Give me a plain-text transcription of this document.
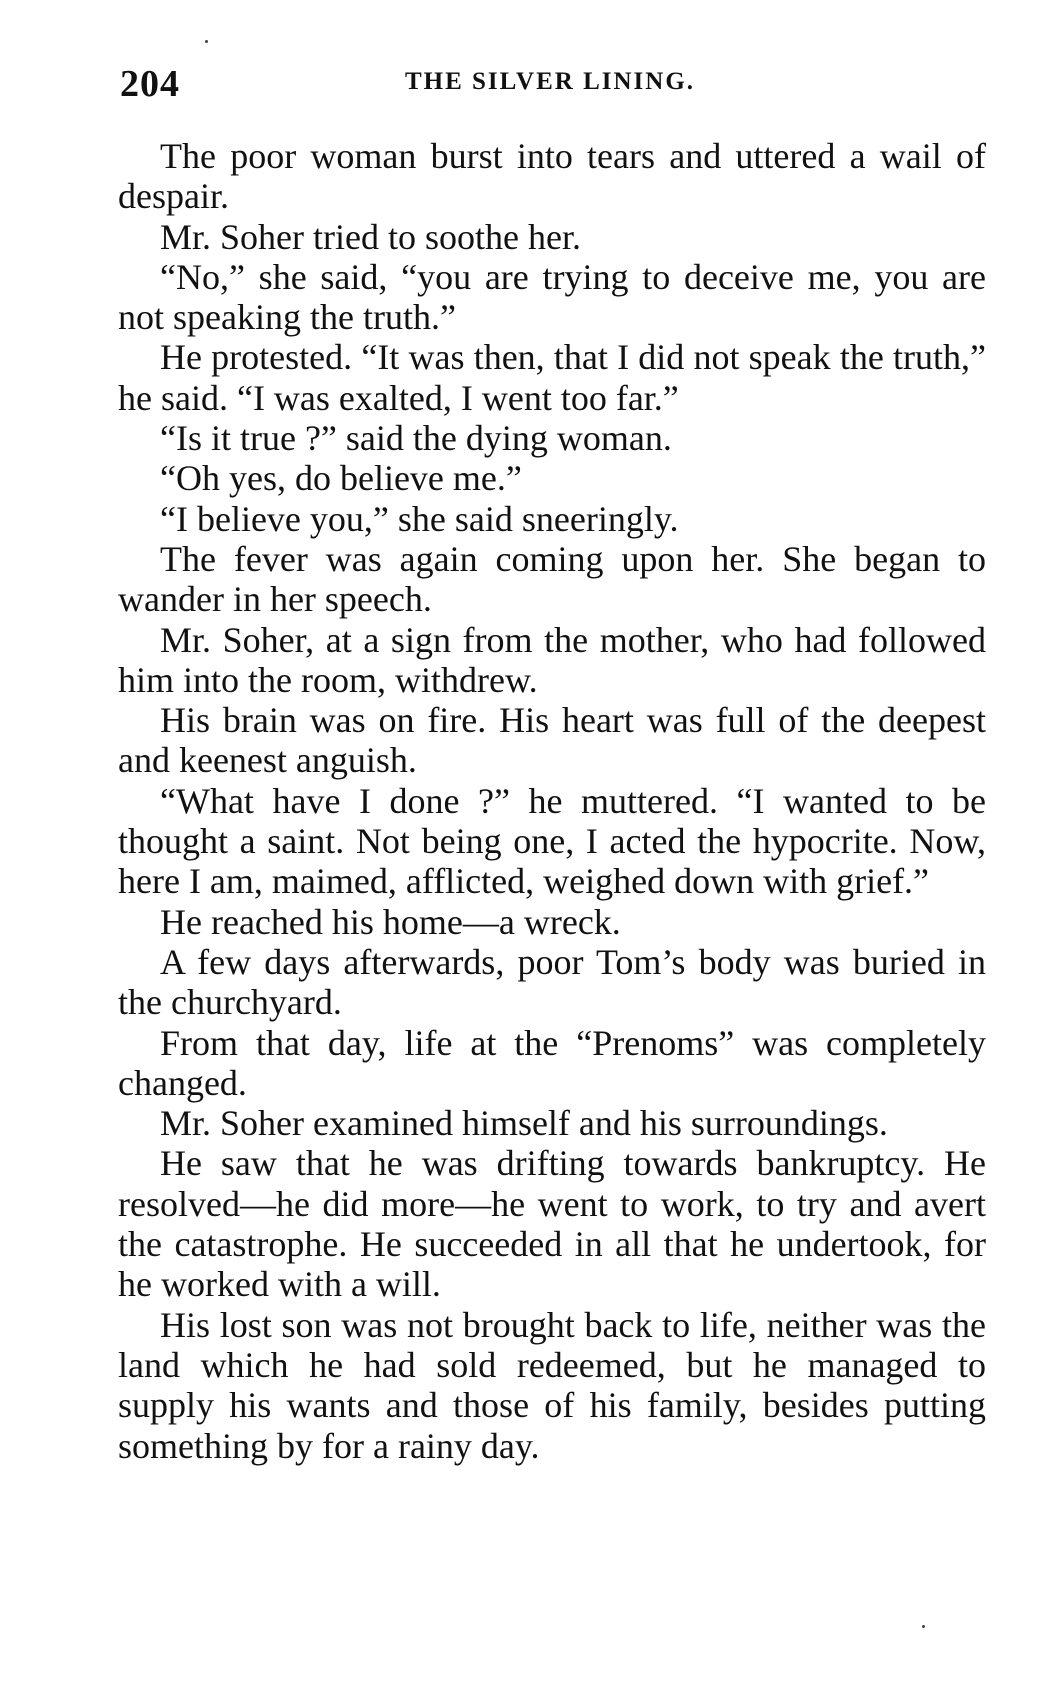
204	THE SILVER LINING.

The poor woman burst into tears and uttered a wail of despair.

Mr. Soher tried to soothe her.

“No,” she said, “you are trying to deceive me, you are not speaking the truth.”

He protested. “It was then, that I did not speak the truth,” he said. “I was exalted, I went too far.”

“Is it true ?” said the dying woman.

“Oh yes, do believe me.”

“I believe you,” she said sneeringly.

The fever was again coming upon her. She began to wander in her speech.

Mr. Soher, at a sign from the mother, who had followed him into the room, withdrew.

His brain was on fire. His heart was full of the deepest and keenest anguish.

“What have I done ?” he muttered. “I wanted to be thought a saint. Not being one, I acted the hypocrite. Now, here I am, maimed, afflicted, weighed down with grief.”

He reached his home—a wreck.

A few days afterwards, poor Tom’s body was buried in the churchyard.

From that day, life at the “Prenoms” was completely changed.

Mr. Soher examined himself and his surroundings.

He saw that he was drifting towards bankruptcy. He resolved—he did more—he went to work, to try and avert the catastrophe. He succeeded in all that he undertook, for he worked with a will.

His lost son was not brought back to life, neither was the land which he had sold redeemed, but he managed to supply his wants and those of his family, besides putting something by for a rainy day.
